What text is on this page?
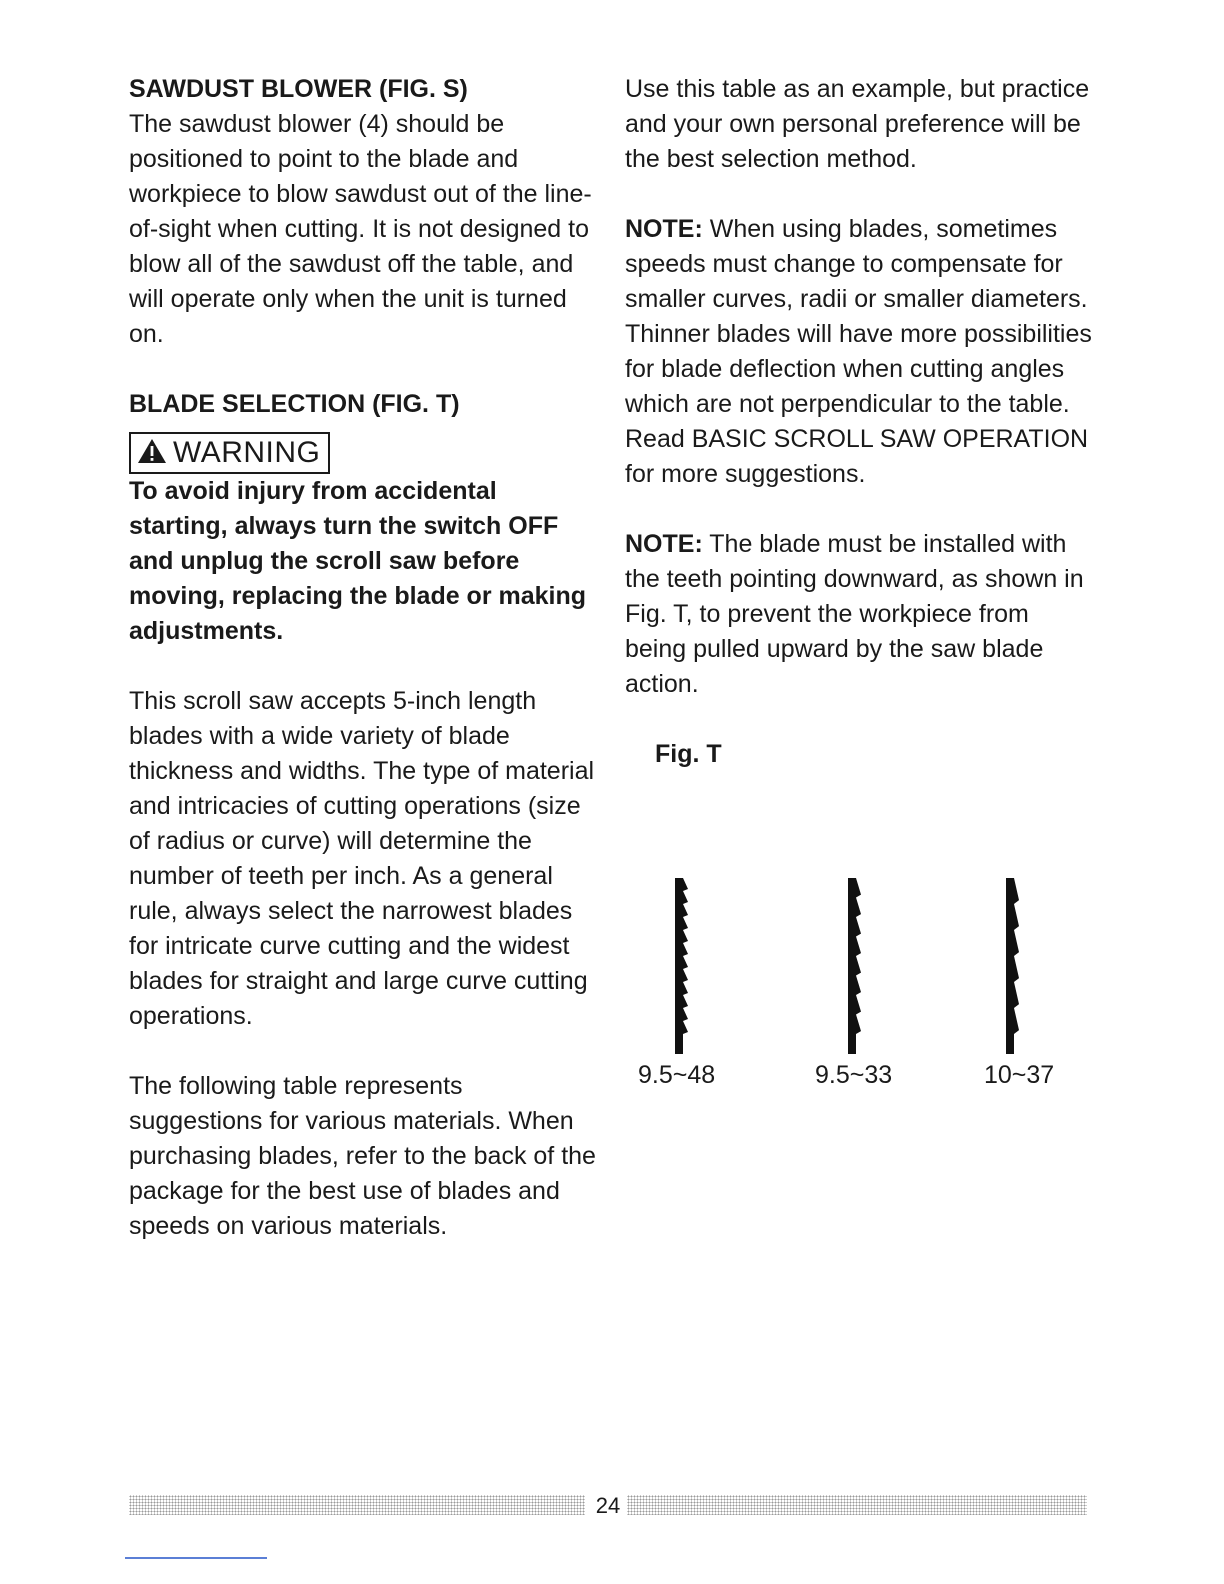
SAWDUST BLOWER (FIG. S)

The sawdust blower (4) should be positioned to point to the blade and workpiece to blow sawdust out of the line-of-sight when cutting. It is not designed to blow all of the sawdust off the table, and will operate only when the unit is turned on.

BLADE SELECTION (FIG. T)

WARNING

To avoid injury from accidental starting, always turn the switch OFF and unplug the scroll saw before moving, replacing the blade or making adjustments.

This scroll saw accepts 5-inch length blades with a wide variety of blade thickness and widths. The type of material and intricacies of cutting operations (size of radius or curve) will determine the number of teeth per inch. As a general rule, always select the narrowest blades for intricate curve cutting and the widest blades for straight and large curve cutting operations.

The following table represents suggestions for various materials. When purchasing blades, refer to the back of the package for the best use of blades and speeds on various materials.

Use this table as an example, but practice and your own personal preference will be the best selection method.

NOTE: When using blades, sometimes speeds must change to compensate for smaller curves, radii or smaller diameters. Thinner blades will have more possibilities for blade deflection when cutting angles which are not perpendicular to the table. Read BASIC SCROLL SAW OPERATION for more suggestions.

NOTE: The blade must be installed with the teeth pointing downward, as shown in Fig. T, to prevent the workpiece from being pulled upward by the saw blade action.

Fig. T

9.5~48	9.5~33	10~37
24
